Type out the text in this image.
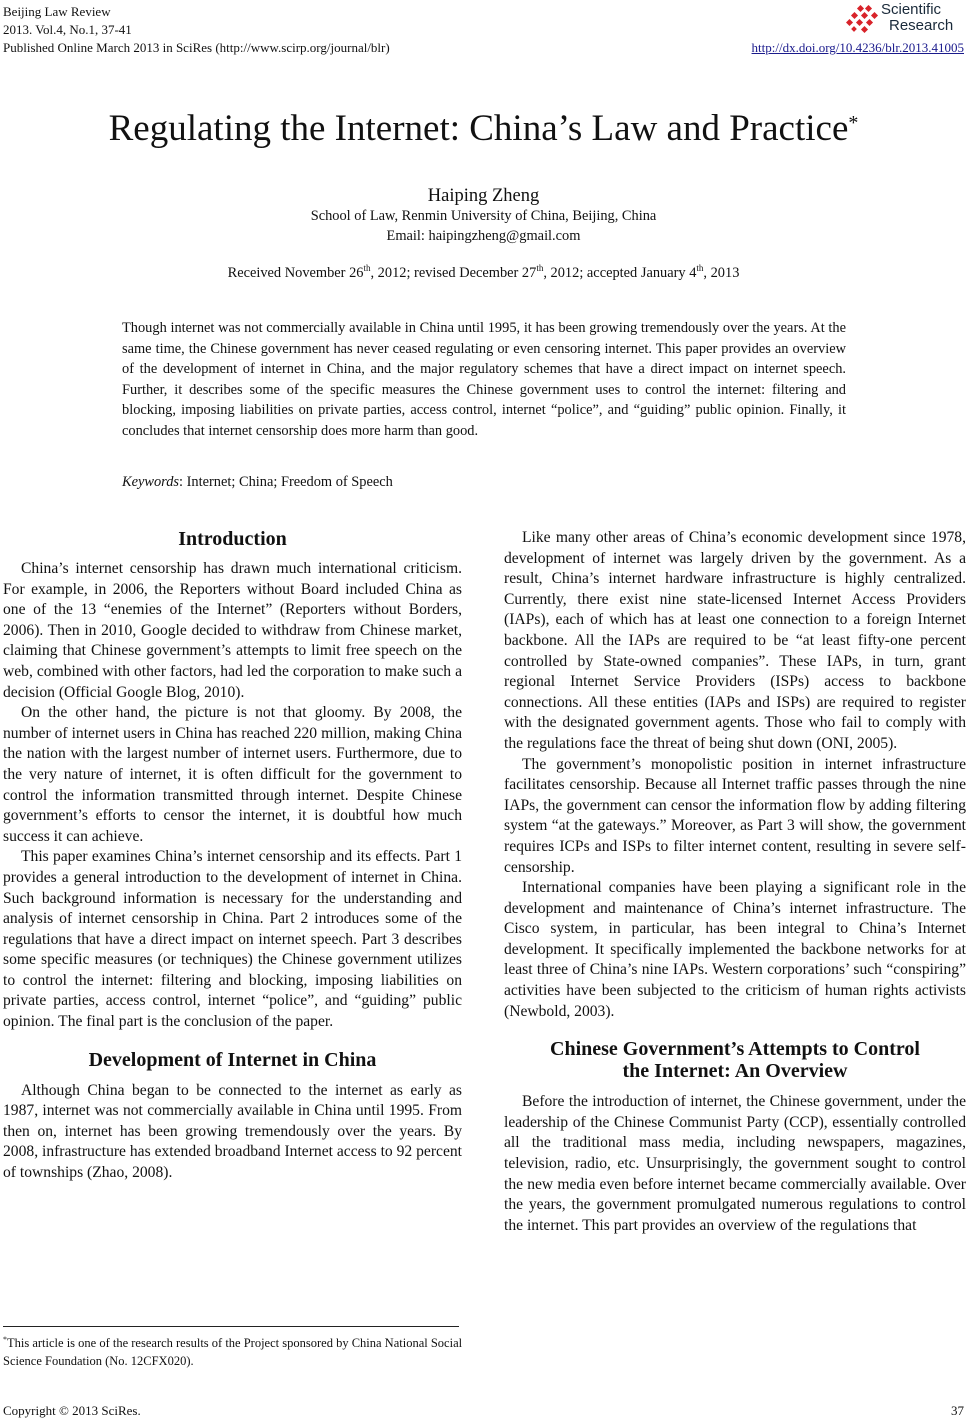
Beijing Law Review
2013. Vol.4, No.1, 37-41
Published Online March 2013 in SciRes (http://www.scirp.org/journal/blr)	http://dx.doi.org/10.4236/blr.2013.41005
Scientific
Research
Regulating the Internet: China’s Law and Practice*
Haiping Zheng
School of Law, Renmin University of China, Beijing, China
Email: haipingzheng@gmail.com
Received November 26th, 2012; revised December 27th, 2012; accepted January 4th, 2013
Though internet was not commercially available in China until 1995, it has been growing tremendously over the years. At the same time, the Chinese government has never ceased regulating or even censoring internet. This paper provides an overview of the development of internet in China, and the major regulatory schemes that have a direct impact on internet speech. Further, it describes some of the specific measures the Chinese government uses to control the internet: filtering and blocking, imposing liabilities on private parties, access control, internet “police”, and “guiding” public opinion. Finally, it concludes that internet censorship does more harm than good.
Keywords: Internet; China; Freedom of Speech
Introduction

China’s internet censorship has drawn much international criticism. For example, in 2006, the Reporters without Board included China as one of the 13 “enemies of the Internet” (Reporters without Borders, 2006). Then in 2010, Google decided to withdraw from Chinese market, claiming that Chinese government’s attempts to limit free speech on the web, combined with other factors, had led the corporation to make such a decision (Official Google Blog, 2010).

On the other hand, the picture is not that gloomy. By 2008, the number of internet users in China has reached 220 million, making China the nation with the largest number of internet users. Furthermore, due to the very nature of internet, it is often difficult for the government to control the information transmitted through internet. Despite Chinese government’s efforts to censor the internet, it is doubtful how much success it can achieve.

This paper examines China’s internet censorship and its effects. Part 1 provides a general introduction to the development of internet in China. Such background information is necessary for the understanding and analysis of internet censorship in China. Part 2 introduces some of the regulations that have a direct impact on internet speech. Part 3 describes some specific measures (or techniques) the Chinese government utilizes to control the internet: filtering and blocking, imposing liabilities on private parties, access control, internet “police”, and “guiding” public opinion. The final part is the conclusion of the paper.

Development of Internet in China

Although China began to be connected to the internet as early as 1987, internet was not commercially available in China until 1995. From then on, internet has been growing tremendously over the years. By 2008, infrastructure has extended broadband Internet access to 92 percent of townships (Zhao, 2008).

Like many other areas of China’s economic development since 1978, development of internet was largely driven by the government. As a result, China’s internet hardware infrastructure is highly centralized. Currently, there exist nine state-licensed Internet Access Providers (IAPs), each of which has at least one connection to a foreign Internet backbone. All the IAPs are required to be “at least fifty-one percent controlled by State-owned companies”. These IAPs, in turn, grant regional Internet Service Providers (ISPs) access to backbone connections. All these entities (IAPs and ISPs) are required to register with the designated government agents. Those who fail to comply with the regulations face the threat of being shut down (ONI, 2005).

The government’s monopolistic position in internet infrastructure facilitates censorship. Because all Internet traffic passes through the nine IAPs, the government can censor the information flow by adding filtering system “at the gateways.” Moreover, as Part 3 will show, the government requires ICPs and ISPs to filter internet content, resulting in severe self-censorship.

International companies have been playing a significant role in the development and maintenance of China’s internet infrastructure. The Cisco system, in particular, has been integral to China’s Internet development. It specifically implemented the backbone networks for at least three of China’s nine IAPs. Western corporations’ such “conspiring” activities have been subjected to the criticism of human rights activists (Newbold, 2003).

Chinese Government’s Attempts to Control
the Internet: An Overview

Before the introduction of internet, the Chinese government, under the leadership of the Chinese Communist Party (CCP), essentially controlled all the traditional mass media, including newspapers, magazines, television, radio, etc. Unsurprisingly, the government sought to control the new media even before internet became commercially available. Over the years, the government promulgated numerous regulations to control the internet. This part provides an overview of the regulations that

*This article is one of the research results of the Project sponsored by China National Social Science Foundation (No. 12CFX020).
Copyright © 2013 SciRes.	37
